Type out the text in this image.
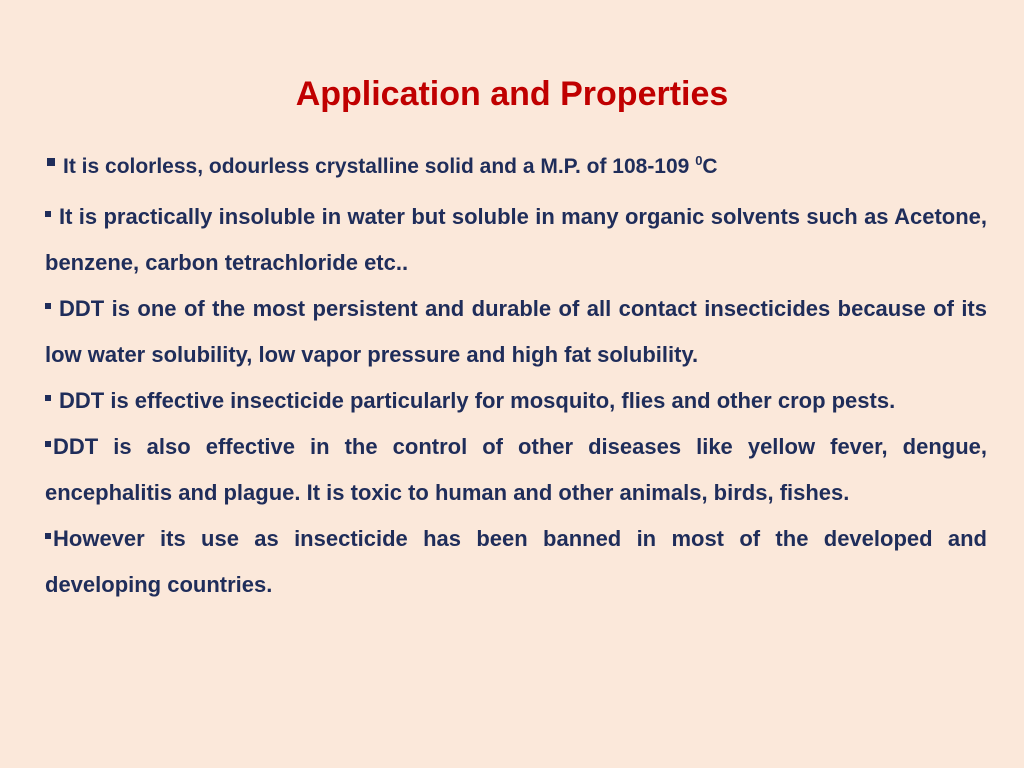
Application and Properties
It is colorless, odourless crystalline solid and a M.P. of 108-109 $^0$C
It is practically insoluble in water but soluble in many organic solvents such as Acetone, benzene, carbon tetrachloride etc..
DDT is one of the most persistent and durable of all contact insecticides because of its low water solubility, low vapor pressure and high fat solubility.
DDT is effective insecticide particularly for mosquito, flies and other crop pests.
DDT is also effective in the control of other diseases like yellow fever, dengue, encephalitis and plague. It is toxic to human and other animals, birds, fishes.
However its use as insecticide has been banned in most of the developed and developing countries.
